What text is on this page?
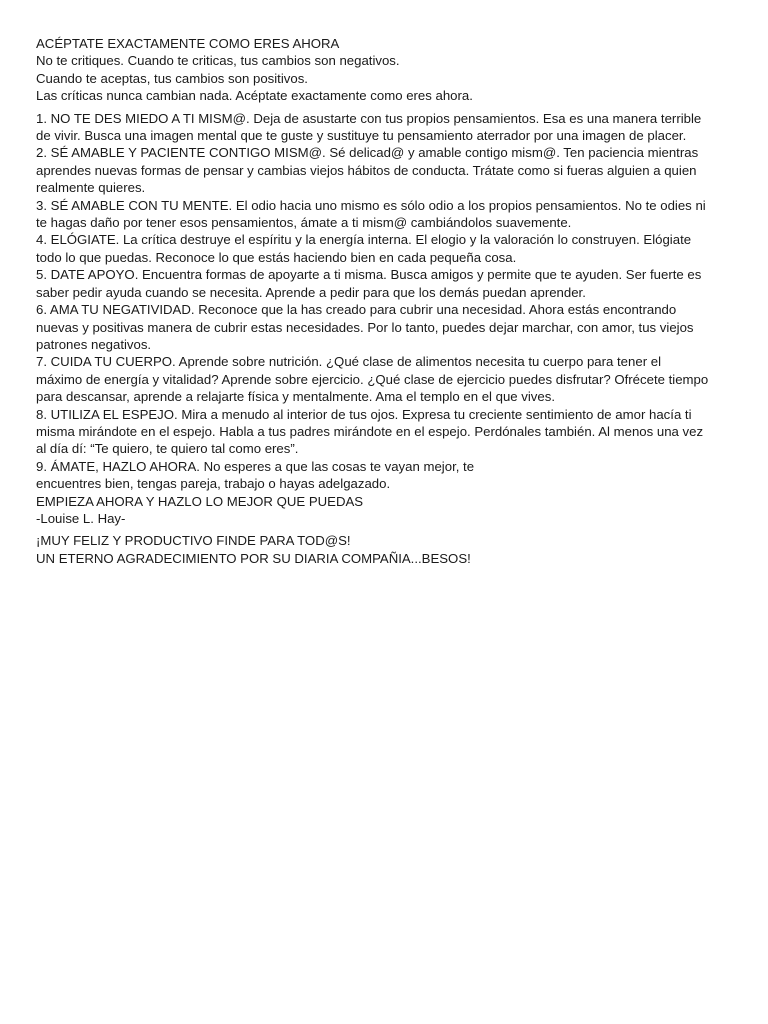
ACÉPTATE EXACTAMENTE COMO ERES AHORA
No te critiques. Cuando te criticas, tus cambios son negativos.
Cuando te aceptas, tus cambios son positivos.
Las críticas nunca cambian nada. Acéptate exactamente como eres ahora.
1. NO TE DES MIEDO A TI MISM@. Deja de asustarte con tus propios pensamientos. Esa es una manera terrible
de vivir. Busca una imagen mental que te guste y sustituye tu pensamiento aterrador por una imagen de placer.
2. SÉ AMABLE Y PACIENTE CONTIGO MISM@. Sé delicad@ y amable contigo mism@. Ten paciencia mientras
aprendes nuevas formas de pensar y cambias viejos hábitos de conducta. Trátate como si fueras alguien a quien
realmente quieres.
3. SÉ AMABLE CON TU MENTE. El odio hacia uno mismo es sólo odio a los propios pensamientos. No te odies ni
te hagas daño por tener esos pensamientos, ámate a ti mism@ cambiándolos suavemente.
4. ELÓGIATE. La crítica destruye el espíritu y la energía interna. El elogio y la valoración lo construyen. Elógiate
todo lo que puedas. Reconoce lo que estás haciendo bien en cada pequeña cosa.
5. DATE APOYO. Encuentra formas de apoyarte a ti misma. Busca amigos y permite que te ayuden. Ser fuerte es
saber pedir ayuda cuando se necesita. Aprende a pedir para que los demás puedan aprender.
6. AMA TU NEGATIVIDAD. Reconoce que la has creado para cubrir una necesidad. Ahora estás encontrando
nuevas y positivas manera de cubrir estas necesidades. Por lo tanto, puedes dejar marchar, con amor, tus viejos
patrones negativos.
7. CUIDA TU CUERPO. Aprende sobre nutrición. ¿Qué clase de alimentos necesita tu cuerpo para tener el
máximo de energía y vitalidad? Aprende sobre ejercicio. ¿Qué clase de ejercicio puedes disfrutar? Ofrécete tiempo
para descansar, aprende a relajarte física y mentalmente. Ama el templo en el que vives.
8. UTILIZA EL ESPEJO. Mira a menudo al interior de tus ojos. Expresa tu creciente sentimiento de amor hacía ti
misma mirándote en el espejo. Habla a tus padres mirándote en el espejo. Perdónales también. Al menos una vez
al día dí: “Te quiero, te quiero tal como eres”.
9. ÁMATE, HAZLO AHORA. No esperes a que las cosas te vayan mejor, te
encuentres bien, tengas pareja, trabajo o hayas adelgazado.
EMPIEZA AHORA Y HAZLO LO MEJOR QUE PUEDAS
-Louise L. Hay-
¡MUY FELIZ Y PRODUCTIVO FINDE PARA TOD@S!
UN ETERNO AGRADECIMIENTO POR SU DIARIA COMPAÑIA...BESOS!
